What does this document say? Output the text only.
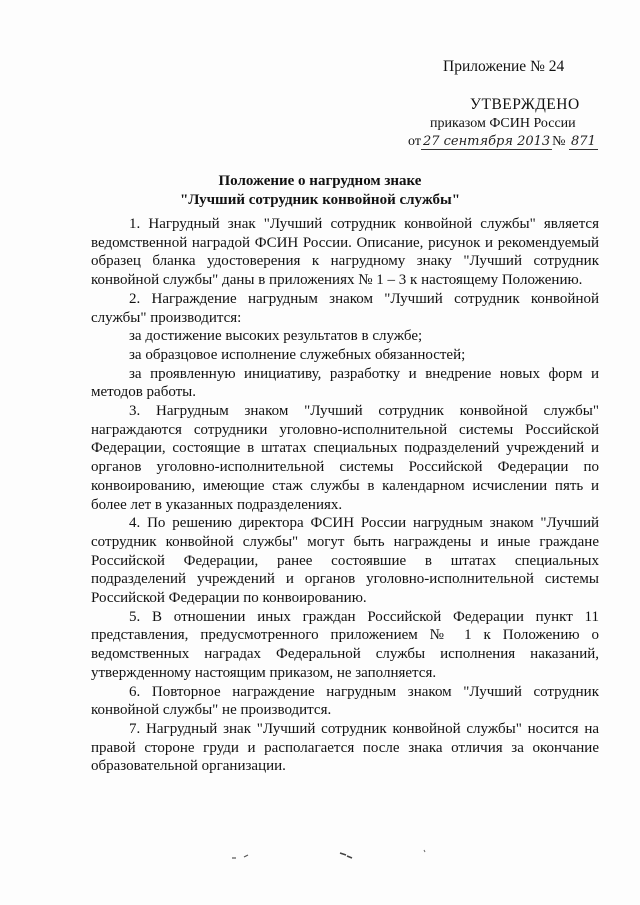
Приложение № 24
УТВЕРЖДЕНО
приказом ФСИН России
от 27 сентября 2013 № 871
Положение о нагрудном знаке
"Лучший сотрудник конвойной службы"

1. Нагрудный знак "Лучший сотрудник конвойной службы" является ведомственной наградой ФСИН России. Описание, рисунок и рекомендуемый образец бланка удостоверения к нагрудному знаку "Лучший сотрудник конвойной службы" даны в приложениях № 1 – 3 к настоящему Положению.

2. Награждение нагрудным знаком "Лучший сотрудник конвойной службы" производится:

за достижение высоких результатов в службе;

за образцовое исполнение служебных обязанностей;

за проявленную инициативу, разработку и внедрение новых форм и методов работы.

3. Нагрудным знаком "Лучший сотрудник конвойной службы" награждаются сотрудники уголовно-исполнительной системы Российской Федерации, состоящие в штатах специальных подразделений учреждений и органов уголовно-исполнительной системы Российской Федерации по конвоированию, имеющие стаж службы в календарном исчислении пять и более лет в указанных подразделениях.

4. По решению директора ФСИН России нагрудным знаком "Лучший сотрудник конвойной службы" могут быть награждены и иные граждане Российской Федерации, ранее состоявшие в штатах специальных подразделений учреждений и органов уголовно-исполнительной системы Российской Федерации по конвоированию.

5. В отношении иных граждан Российской Федерации пункт 11 представления, предусмотренного приложением № 1 к Положению о ведомственных наградах Федеральной службы исполнения наказаний, утвержденному настоящим приказом, не заполняется.

6. Повторное награждение нагрудным знаком "Лучший сотрудник конвойной службы" не производится.

7. Нагрудный знак "Лучший сотрудник конвойной службы" носится на правой стороне груди и располагается после знака отличия за окончание образовательной организации.
